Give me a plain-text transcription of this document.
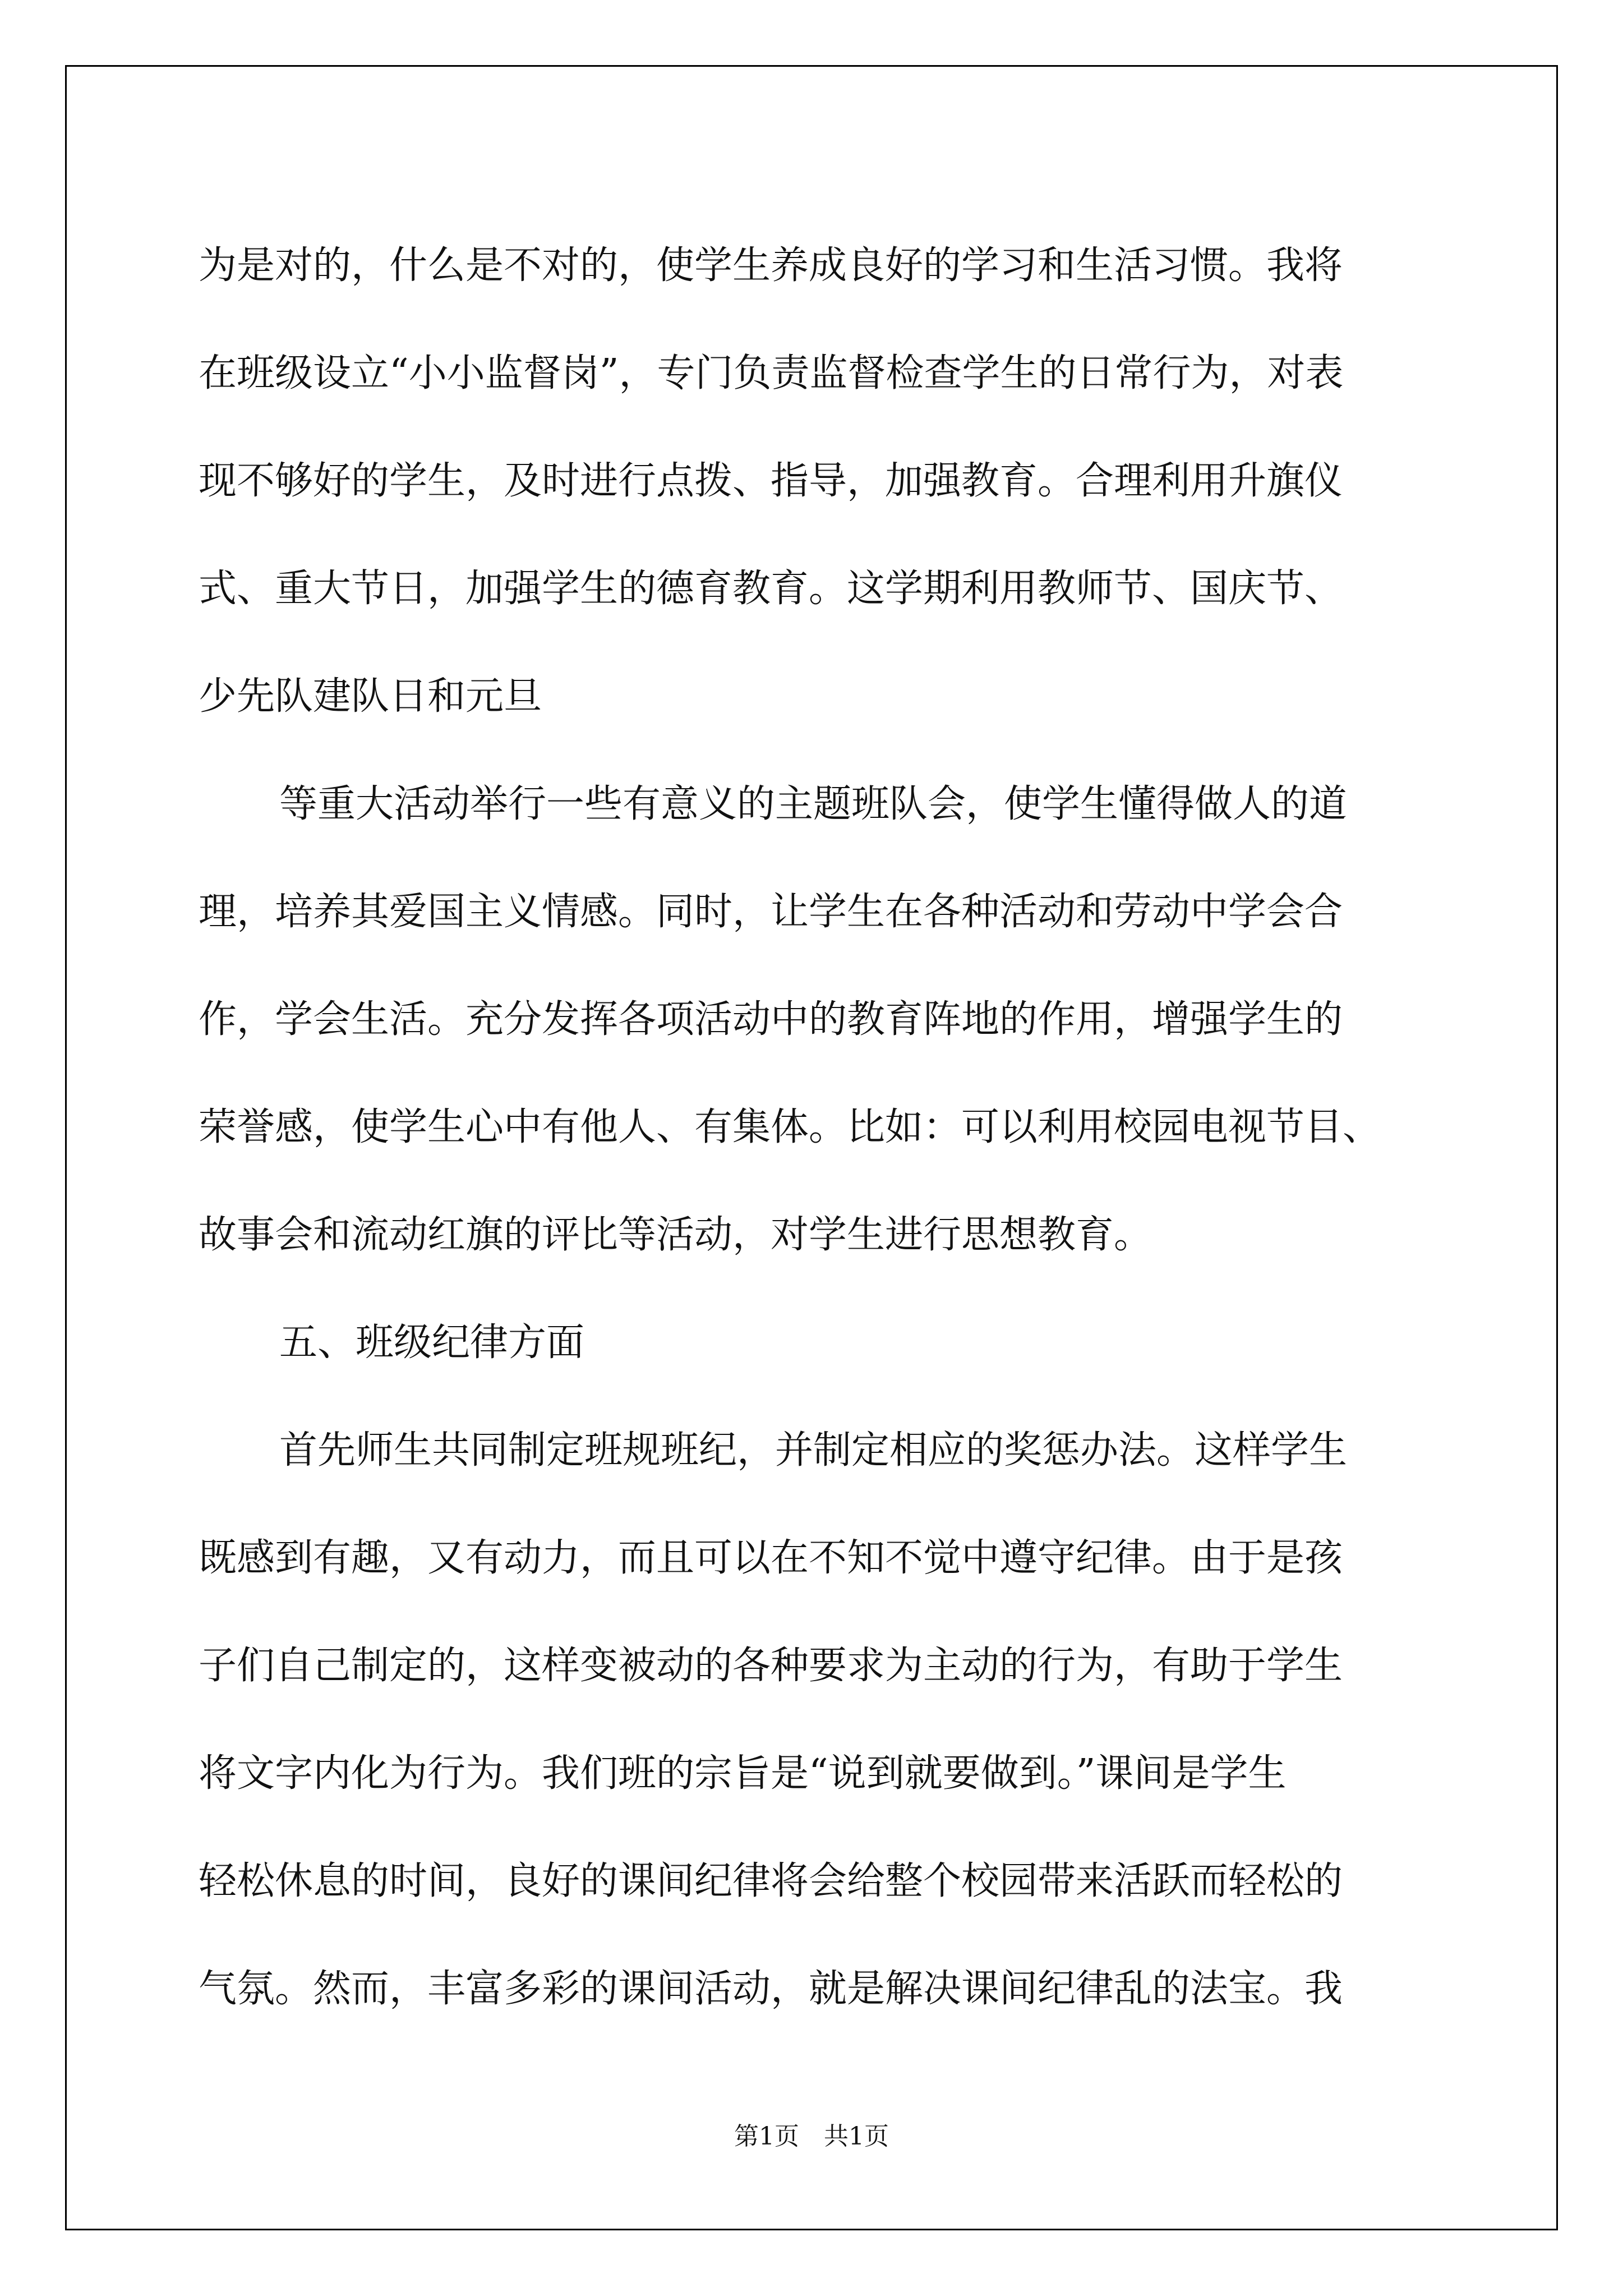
为是对的，什么是不对的，使学生养成良好的学习和生活习惯。我将
在班级设立“小小监督岗”，专门负责监督检查学生的日常行为，对表
现不够好的学生，及时进行点拨、指导，加强教育。合理利用升旗仪
式、重大节日，加强学生的德育教育。这学期利用教师节、国庆节、
少先队建队日和元旦

等重大活动举行一些有意义的主题班队会，使学生懂得做人的道
理，培养其爱国主义情感。同时，让学生在各种活动和劳动中学会合
作，学会生活。充分发挥各项活动中的教育阵地的作用，增强学生的
荣誉感，使学生心中有他人、有集体。比如：可以利用校园电视节目、
故事会和流动红旗的评比等活动，对学生进行思想教育。

五、班级纪律方面

首先师生共同制定班规班纪，并制定相应的奖惩办法。这样学生
既感到有趣，又有动力，而且可以在不知不觉中遵守纪律。由于是孩
子们自己制定的，这样变被动的各种要求为主动的行为，有助于学生
将文字内化为行为。我们班的宗旨是“说到就要做到。”课间是学生
轻松休息的时间，良好的课间纪律将会给整个校园带来活跃而轻松的
气氛。然而，丰富多彩的课间活动，就是解决课间纪律乱的法宝。我

第1页　共1页
